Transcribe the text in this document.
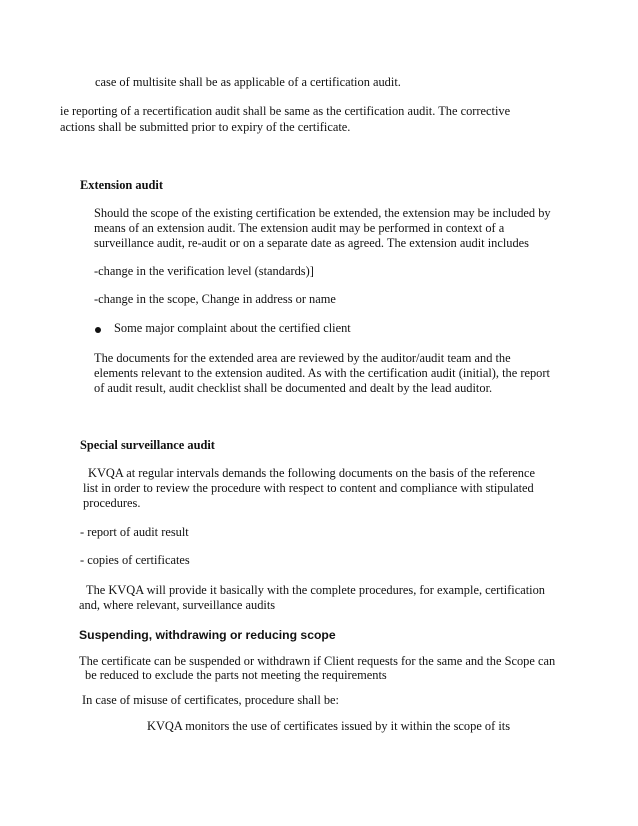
case of multisite shall be as applicable of a certification audit.
ie reporting of a recertification audit shall be same as the certification audit. The corrective
actions shall be submitted prior to expiry of the certificate.
Extension audit
Should the scope of the existing certification be extended, the extension may be included by
means of an extension audit. The extension audit may be performed in context of a
surveillance audit, re-audit or on a separate date as agreed. The extension audit includes
-change in the verification level (standards)]
-change in the scope, Change in address or name
Some major complaint about the certified client
The documents for the extended area are reviewed by the auditor/audit team and the
elements relevant to the extension audited. As with the certification audit (initial), the report
of audit result, audit checklist shall be documented and dealt by the lead auditor.
Special surveillance audit
KVQA at regular intervals demands the following documents on the basis of the reference
list in order to review the procedure with respect to content and compliance with stipulated
procedures.
- report of audit result
- copies of certificates
The KVQA will provide it basically with the complete procedures, for example, certification
and, where relevant, surveillance audits
Suspending, withdrawing or reducing scope
The certificate can be suspended or withdrawn if Client requests for the same and the Scope can
be reduced to exclude the parts not meeting the requirements
In case of misuse of certificates, procedure shall be:
KVQA monitors the use of certificates issued by it within the scope of its
